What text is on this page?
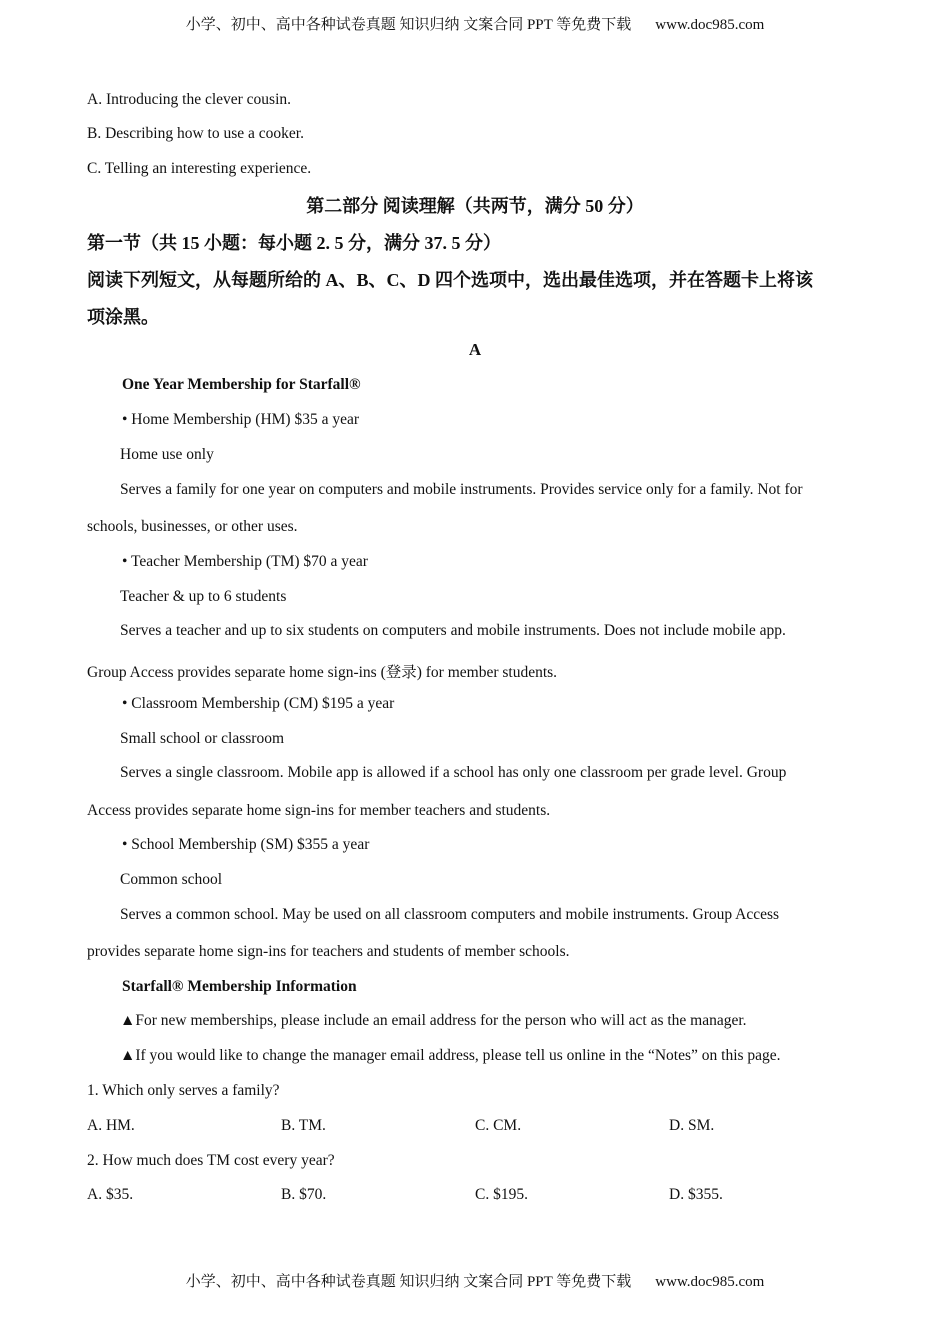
小学、初中、高中各种试卷真题 知识归纳 文案合同 PPT 等免费下载 www.doc985.com
A. Introducing the clever cousin.
B. Describing how to use a cooker.
C. Telling an interesting experience.
第二部分 阅读理解（共两节，满分 50 分）
第一节（共 15 小题：每小题 2. 5 分，满分 37. 5 分）
阅读下列短文，从每题所给的 A、B、C、D 四个选项中，选出最佳选项，并在答题卡上将该
项涂黑。
A
One Year Membership for Starfall®
• Home Membership (HM) $35 a year
Home use only
Serves a family for one year on computers and mobile instruments. Provides service only for a family. Not for
schools, businesses, or other uses.
• Teacher Membership (TM) $70 a year
Teacher & up to 6 students
Serves a teacher and up to six students on computers and mobile instruments. Does not include mobile app.
Group Access provides separate home sign-ins (登录) for member students.
• Classroom Membership (CM) $195 a year
Small school or classroom
Serves a single classroom. Mobile app is allowed if a school has only one classroom per grade level. Group
Access provides separate home sign-ins for member teachers and students.
• School Membership (SM) $355 a year
Common school
Serves a common school. May be used on all classroom computers and mobile instruments. Group Access
provides separate home sign-ins for teachers and students of member schools.
Starfall® Membership Information
▲For new memberships, please include an email address for the person who will act as the manager.
▲If you would like to change the manager email address, please tell us online in the “Notes” on this page.
1. Which only serves a family?
A. HM.	B. TM.	C. CM.	D. SM.
2. How much does TM cost every year?
A. $35.	B. $70.	C. $195.	D. $355.
小学、初中、高中各种试卷真题 知识归纳 文案合同 PPT 等免费下载 www.doc985.com
